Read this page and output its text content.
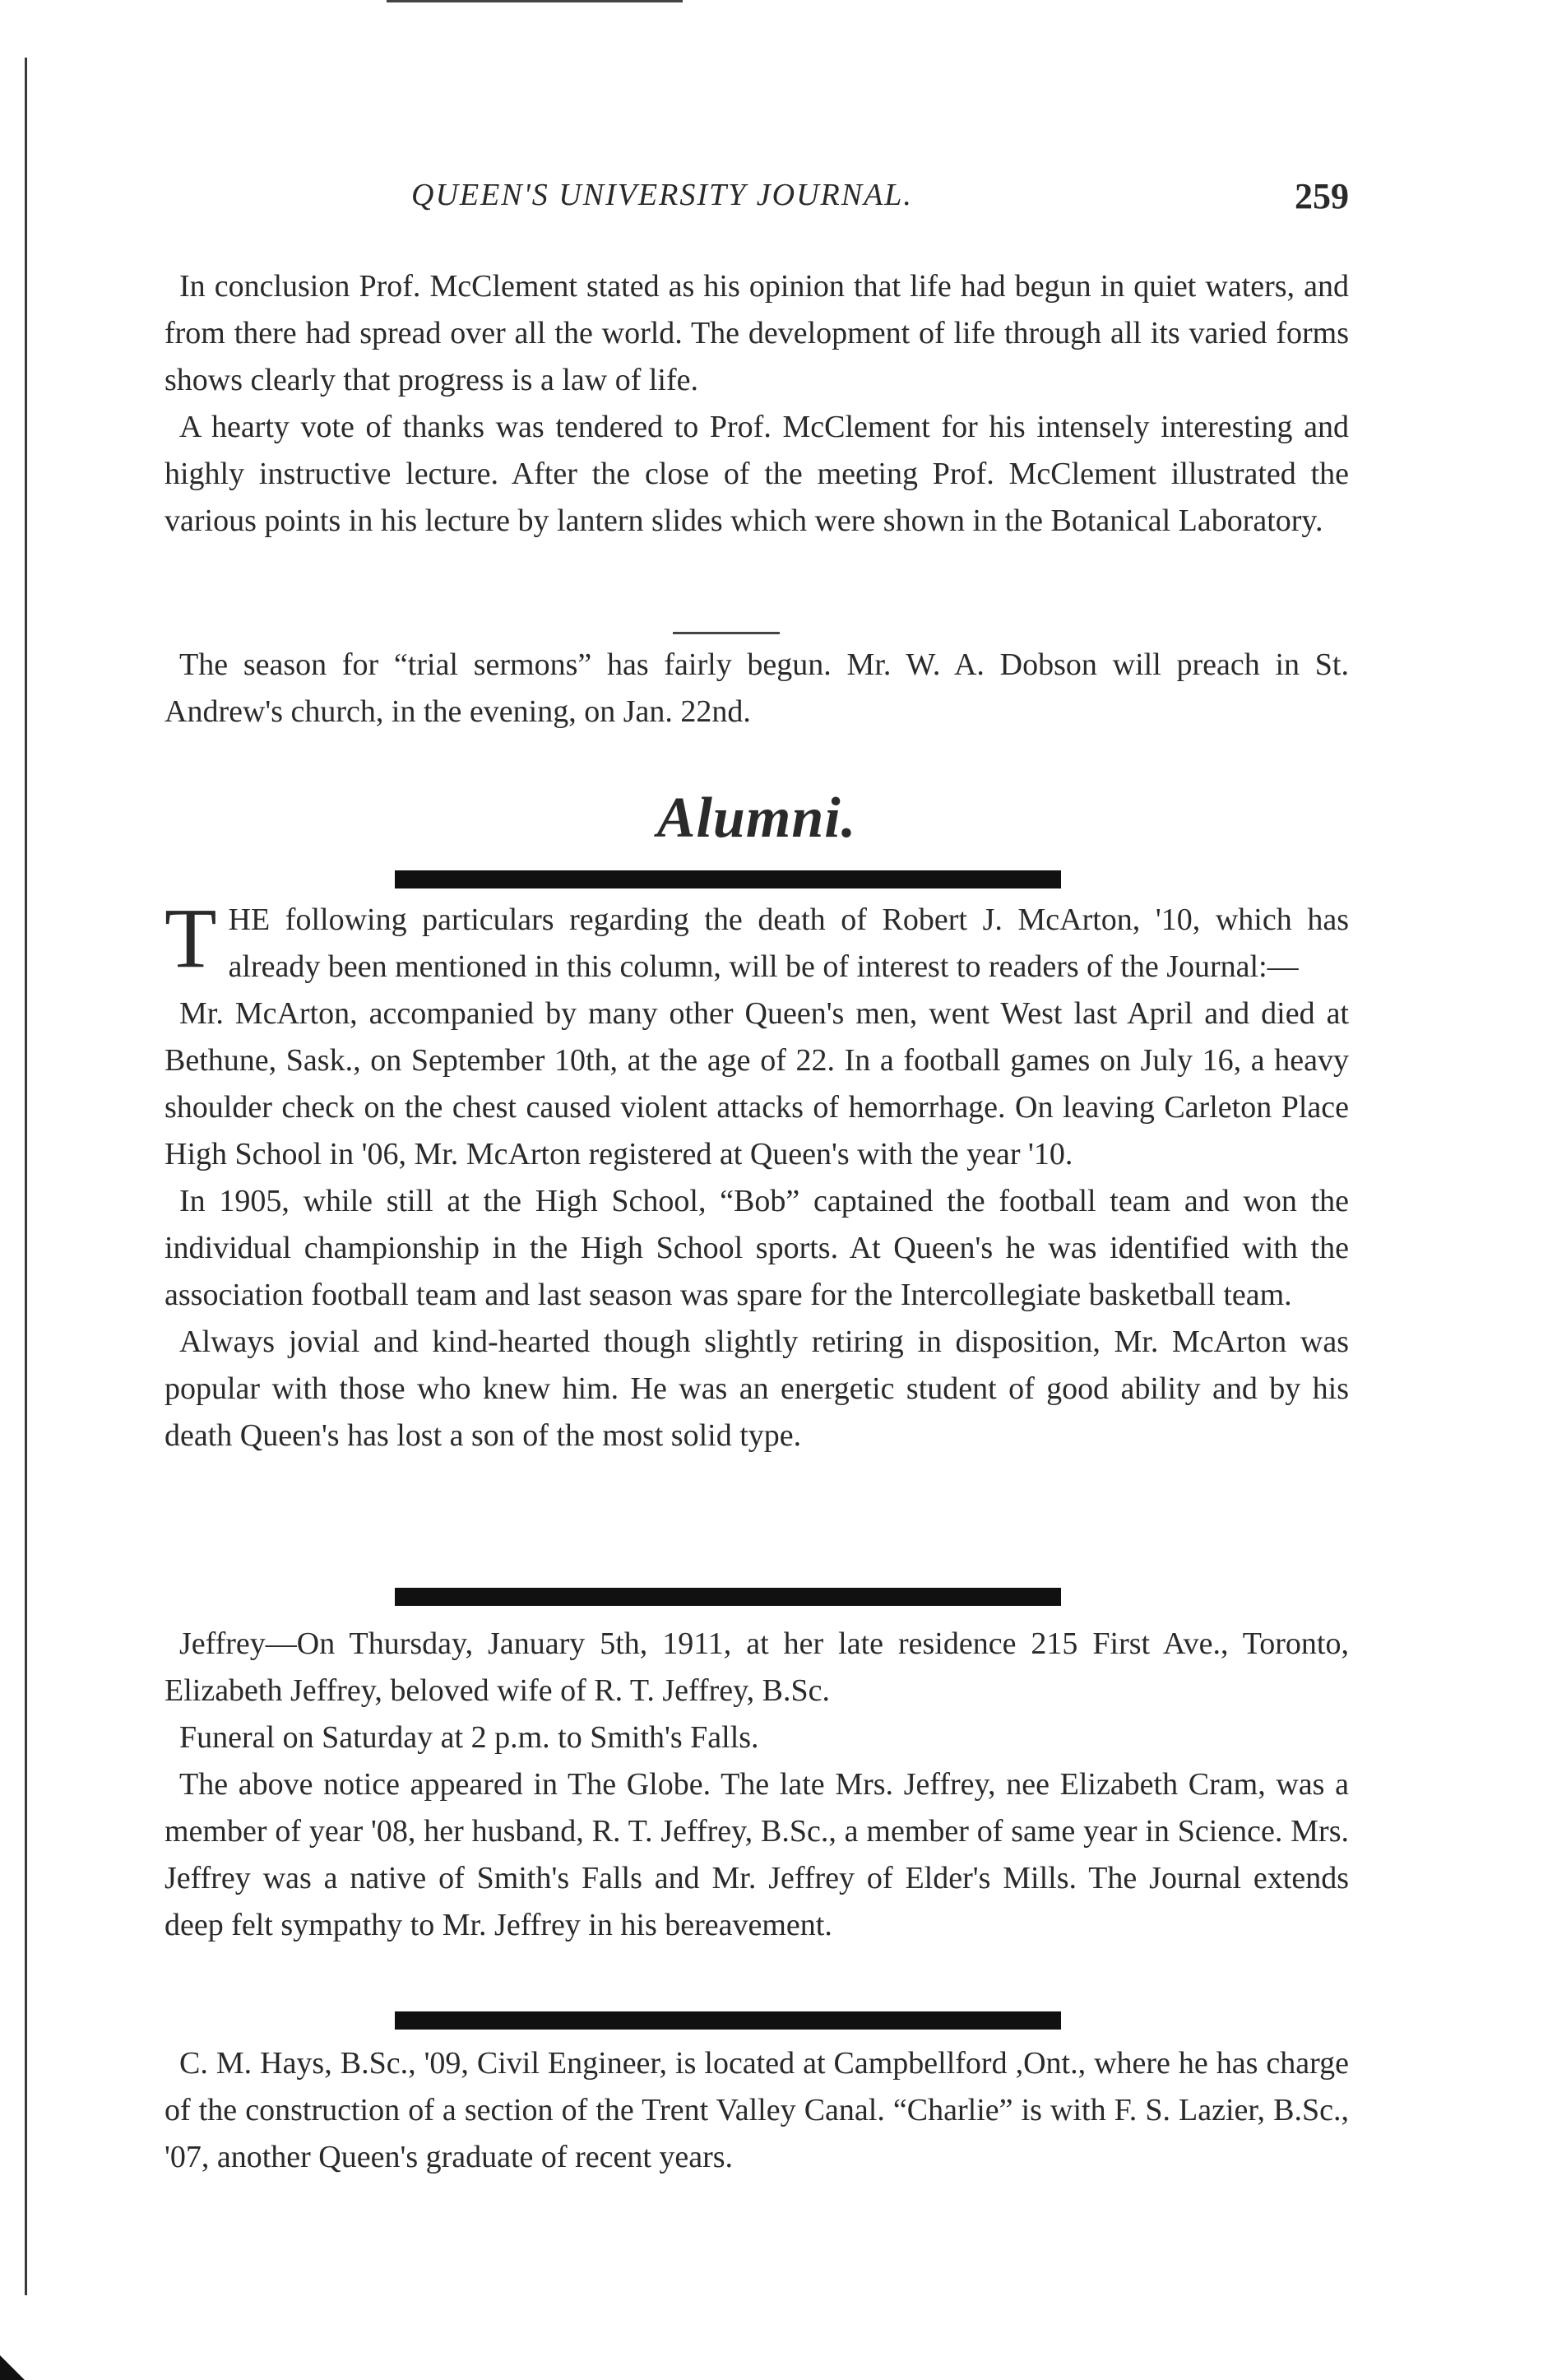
QUEEN'S UNIVERSITY JOURNAL.	259

In conclusion Prof. McClement stated as his opinion that life had begun in quiet waters, and from there had spread over all the world. The development of life through all its varied forms shows clearly that progress is a law of life.

A hearty vote of thanks was tendered to Prof. McClement for his intensely interesting and highly instructive lecture. After the close of the meeting Prof. McClement illustrated the various points in his lecture by lantern slides which were shown in the Botanical Laboratory.

The season for “trial sermons” has fairly begun. Mr. W. A. Dobson will preach in St. Andrew's church, in the evening, on Jan. 22nd.

Alumni.

THE following particulars regarding the death of Robert J. McArton, '10, which has already been mentioned in this column, will be of interest to readers of the Journal:—

Mr. McArton, accompanied by many other Queen's men, went West last April and died at Bethune, Sask., on September 10th, at the age of 22. In a football games on July 16, a heavy shoulder check on the chest caused violent attacks of hemorrhage. On leaving Carleton Place High School in '06, Mr. McArton registered at Queen's with the year '10.

In 1905, while still at the High School, “Bob” captained the football team and won the individual championship in the High School sports. At Queen's he was identified with the association football team and last season was spare for the Intercollegiate basketball team.

Always jovial and kind-hearted though slightly retiring in disposition, Mr. McArton was popular with those who knew him. He was an energetic student of good ability and by his death Queen's has lost a son of the most solid type.

Jeffrey—On Thursday, January 5th, 1911, at her late residence 215 First Ave., Toronto, Elizabeth Jeffrey, beloved wife of R. T. Jeffrey, B.Sc.

Funeral on Saturday at 2 p.m. to Smith's Falls.

The above notice appeared in The Globe. The late Mrs. Jeffrey, nee Elizabeth Cram, was a member of year '08, her husband, R. T. Jeffrey, B.Sc., a member of same year in Science. Mrs. Jeffrey was a native of Smith's Falls and Mr. Jeffrey of Elder's Mills. The Journal extends deep felt sympathy to Mr. Jeffrey in his bereavement.

C. M. Hays, B.Sc., '09, Civil Engineer, is located at Campbellford ,Ont., where he has charge of the construction of a section of the Trent Valley Canal. “Charlie” is with F. S. Lazier, B.Sc., '07, another Queen's graduate of recent years.
